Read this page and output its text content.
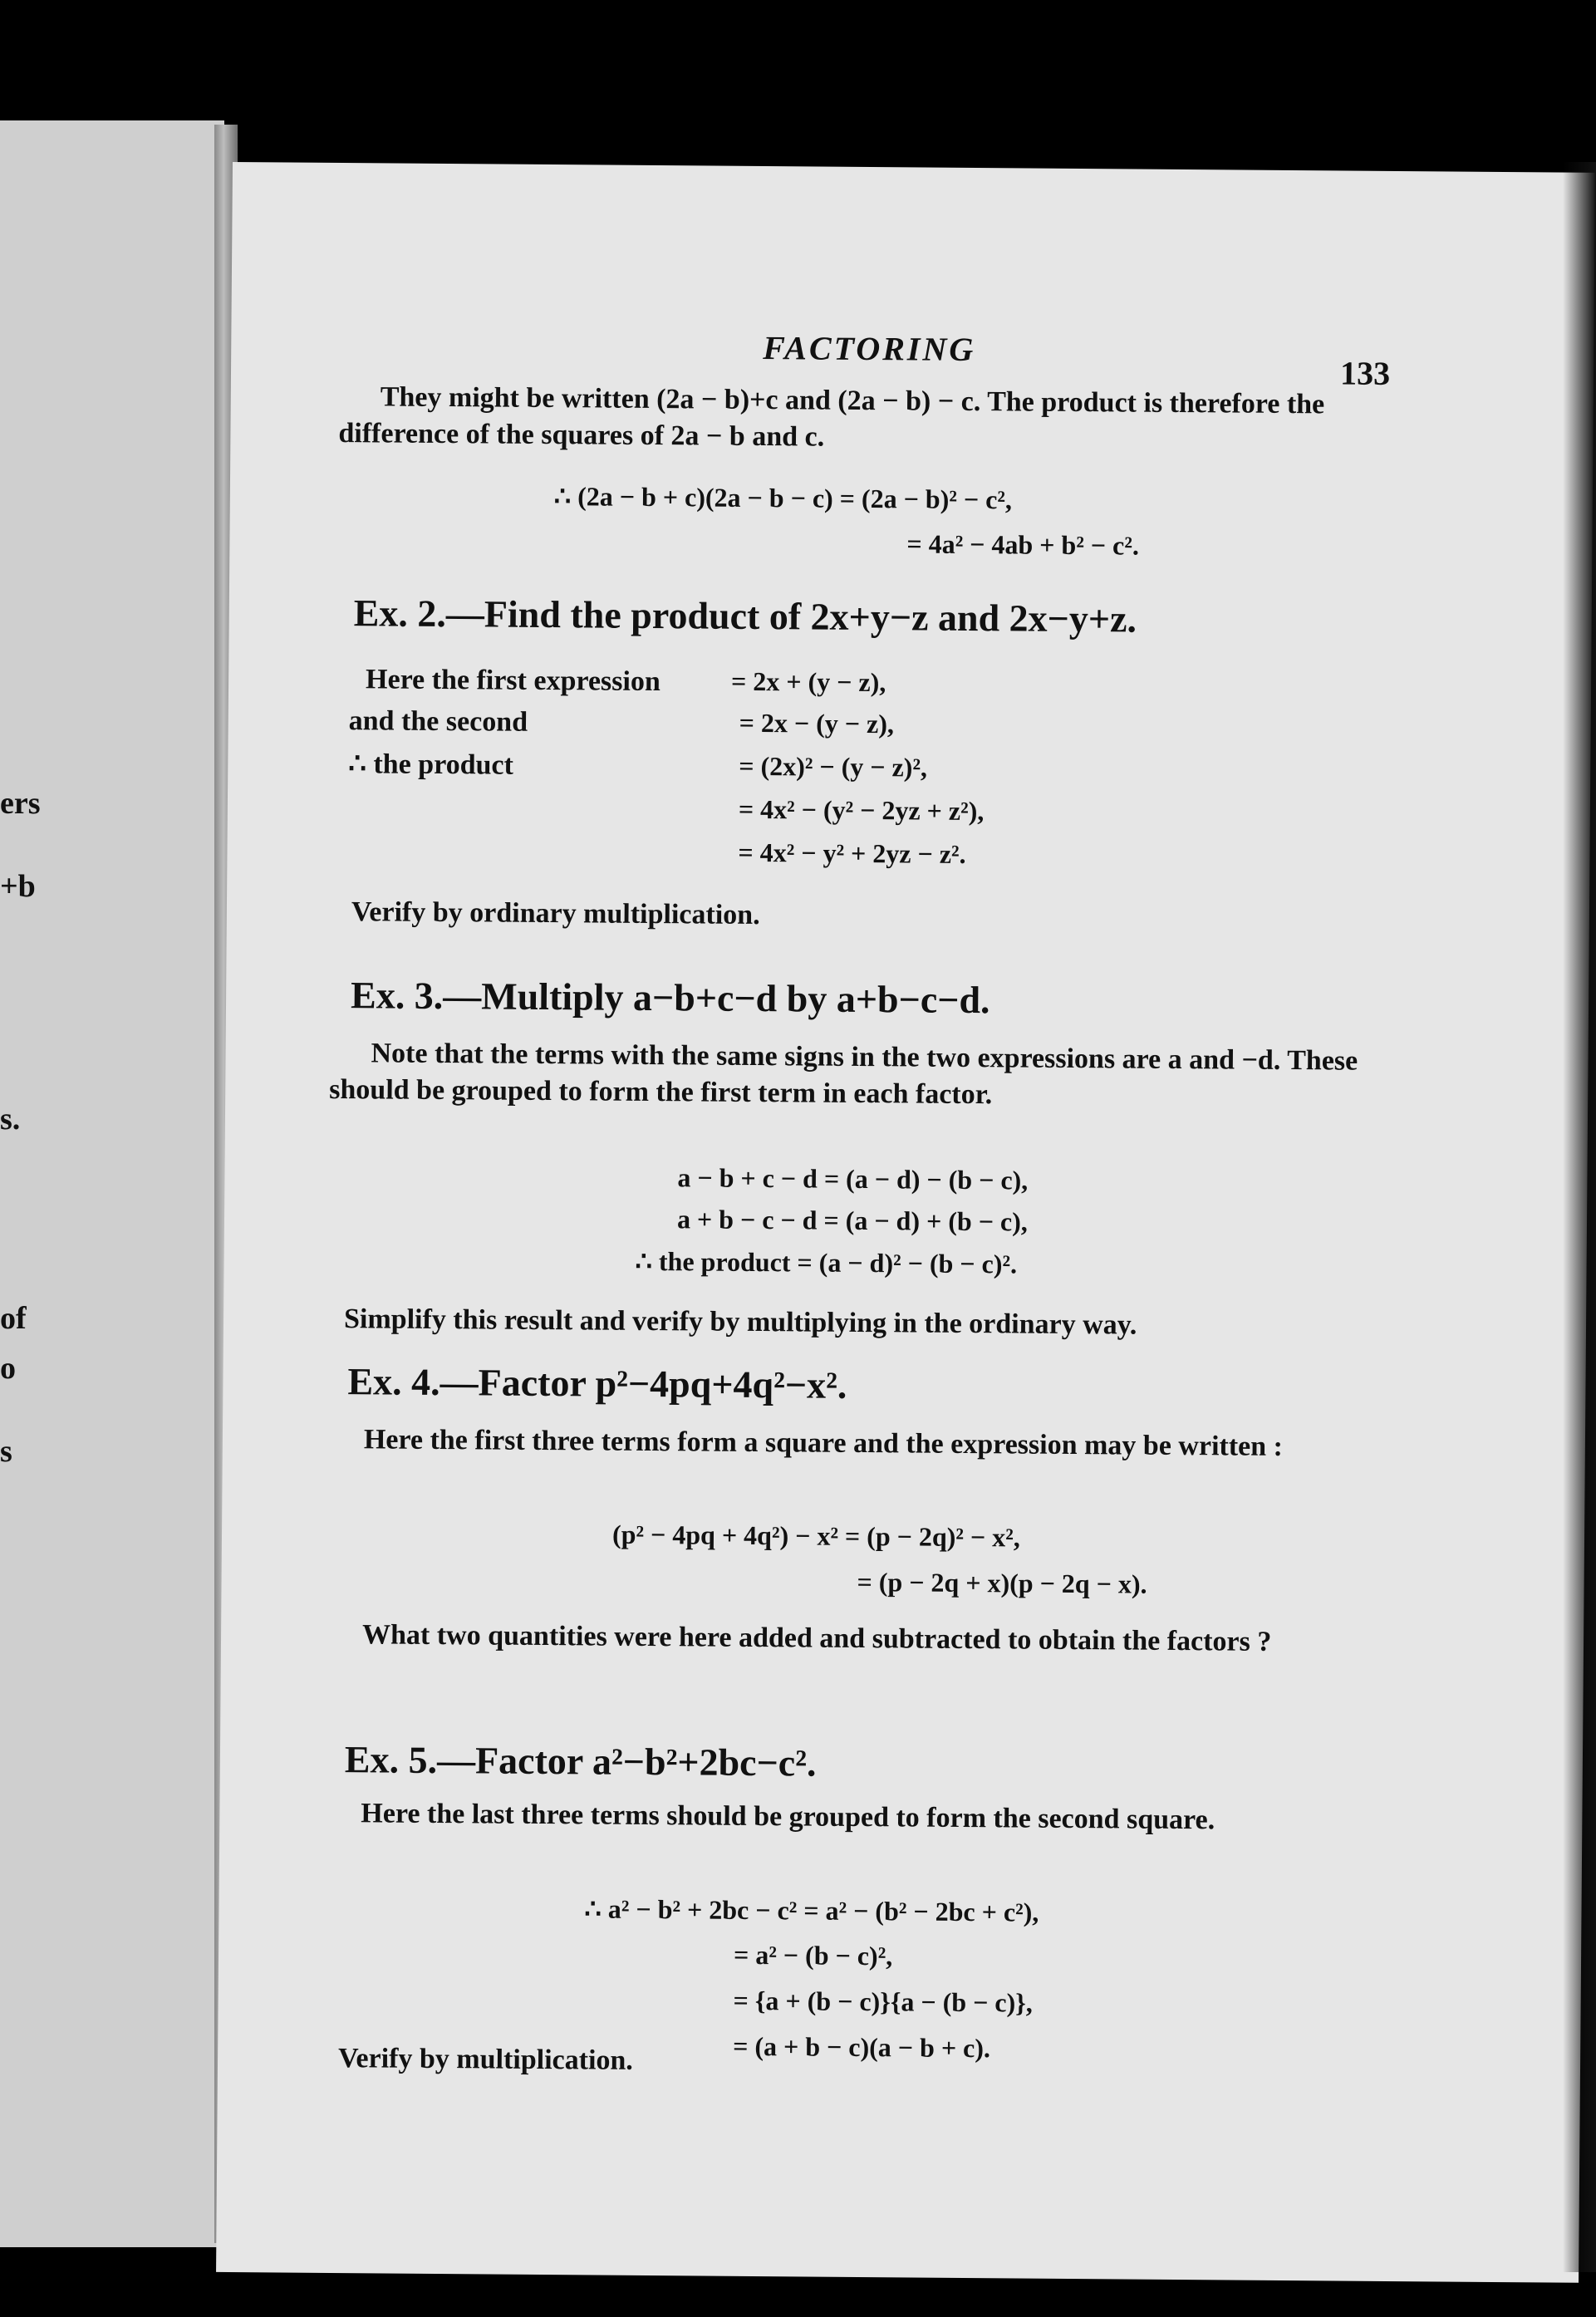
ers
+b
s.
of
o
s
FACTORING
133
They might be written (2a − b)+c and (2a − b) − c. The product is therefore the difference of the squares of 2a − b and c.
∴ (2a − b + c)(2a − b − c) = (2a − b)² − c²,
= 4a² − 4ab + b² − c².
Ex. 2.—Find the product of 2x+y−z and 2x−y+z.
Here the first expression	= 2x + (y − z),
and the second	= 2x − (y − z),
∴ the product	= (2x)² − (y − z)²,
= 4x² − (y² − 2yz + z²),
= 4x² − y² + 2yz − z².
Verify by ordinary multiplication.
Ex. 3.—Multiply a−b+c−d by a+b−c−d.
Note that the terms with the same signs in the two expressions are a and −d. These should be grouped to form the first term in each factor.
a − b + c − d = (a − d) − (b − c),
a + b − c − d = (a − d) + (b − c),
∴ the product = (a − d)² − (b − c)².
Simplify this result and verify by multiplying in the ordinary way.
Ex. 4.—Factor p²−4pq+4q²−x².
Here the first three terms form a square and the expression may be written :
(p² − 4pq + 4q²) − x² = (p − 2q)² − x²,
= (p − 2q + x)(p − 2q − x).
What two quantities were here added and subtracted to obtain the factors ?
Ex. 5.—Factor a²−b²+2bc−c².
Here the last three terms should be grouped to form the second square.
∴ a² − b² + 2bc − c² = a² − (b² − 2bc + c²),
= a² − (b − c)²,
= {a + (b − c)}{a − (b − c)},
= (a + b − c)(a − b + c).
Verify by multiplication.
